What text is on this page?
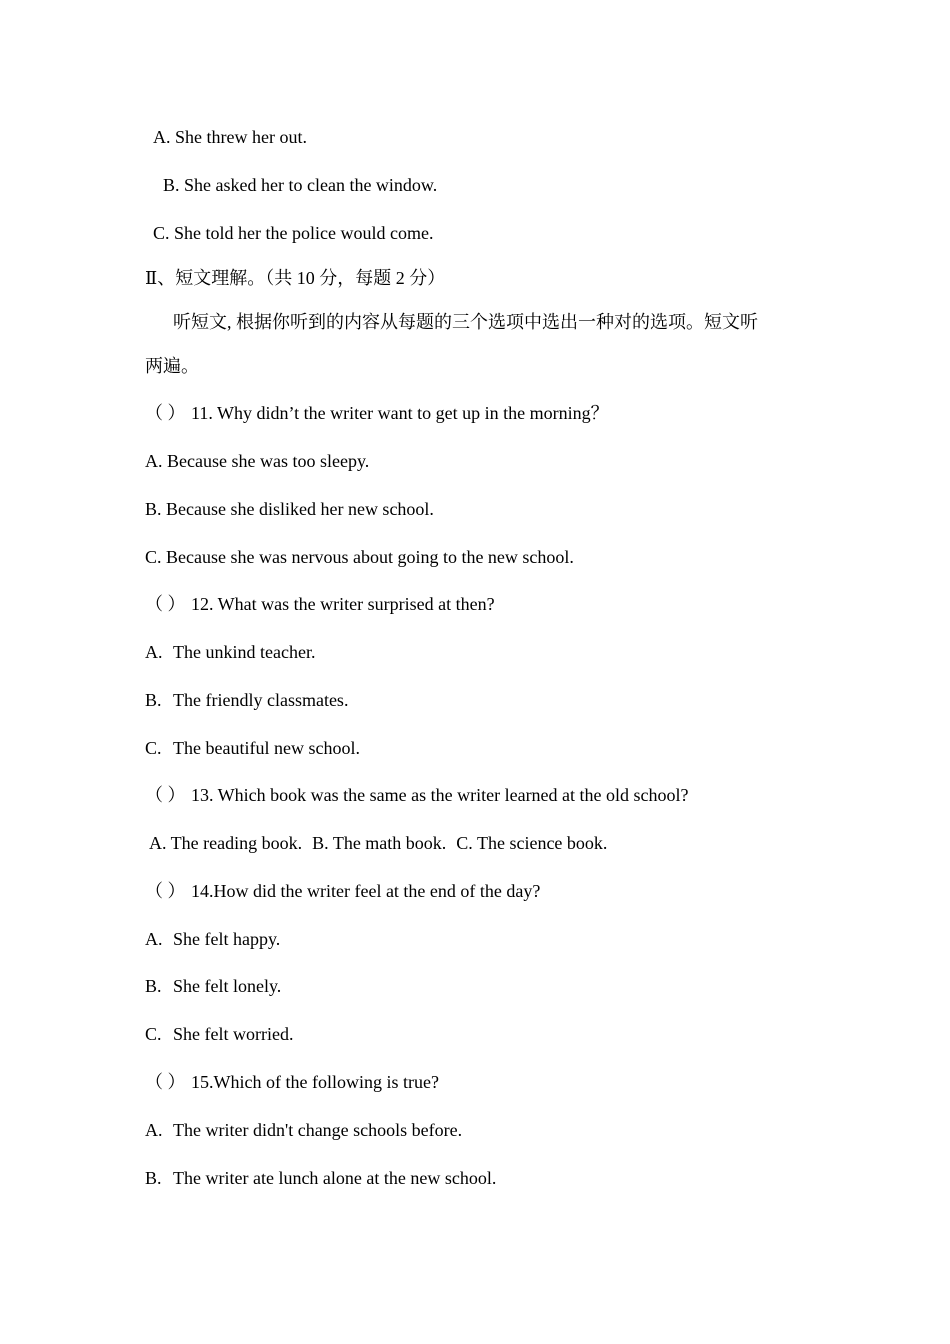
A. She threw her out.
B. She asked her to clean the window.
C. She told her the police would come.
Ⅱ、短文理解。（共 10 分，每题 2 分）
听短文, 根据你听到的内容从每题的三个选项中选出一种对的选项。短文听
两遍。
（ ） 11. Why didn’t the writer want to get up in the morning？
A. Because she was too sleepy.
B. Because she disliked her new school.
C. Because she was nervous about going to the new school.
（ ） 12. What was the writer surprised at then?
A. The unkind teacher.
B. The friendly classmates.
C. The beautiful new school.
（ ） 13. Which book was the same as the writer learned at the old school?
A. The reading book. B. The math book. C. The science book.
（ ） 14.How did the writer feel at the end of the day?
A. She felt happy.
B. She felt lonely.
C. She felt worried.
（ ） 15.Which of the following is true?
A. The writer didn't change schools before.
B. The writer ate lunch alone at the new school.
